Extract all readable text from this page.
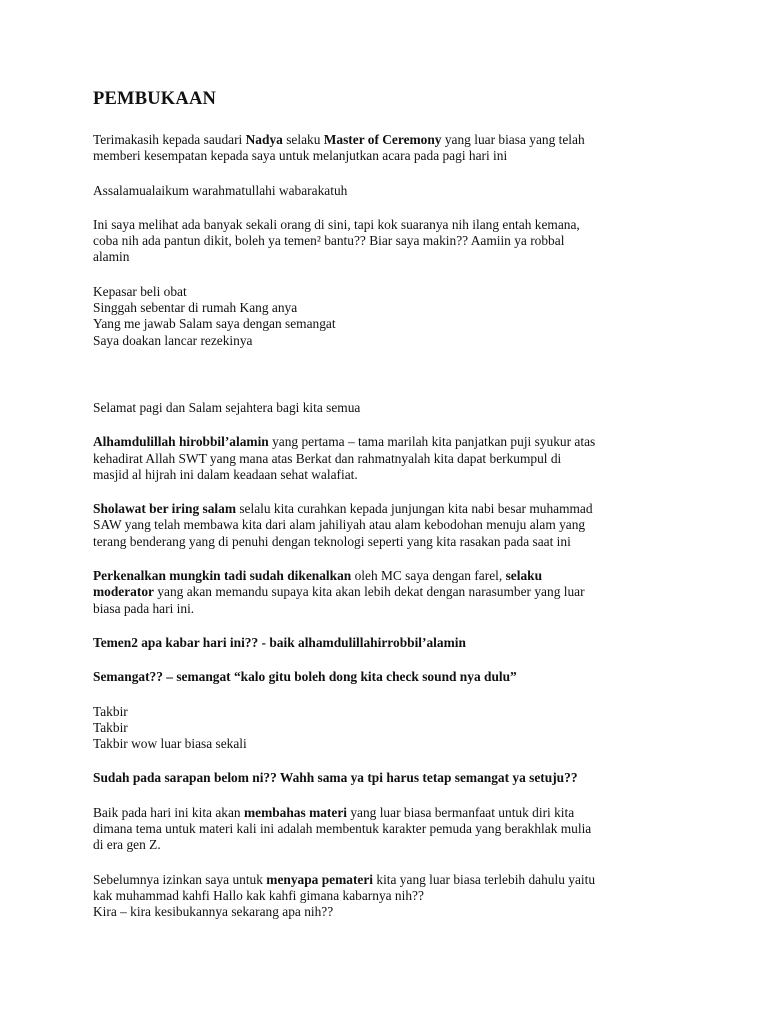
PEMBUKAAN

Terimakasih kepada saudari Nadya selaku Master of Ceremony yang luar biasa yang telah
memberi kesempatan kepada saya untuk melanjutkan acara pada pagi hari ini

Assalamualaikum warahmatullahi wabarakatuh

Ini saya melihat ada banyak sekali orang di sini, tapi kok suaranya nih ilang entah kemana,
coba nih ada pantun dikit, boleh ya temen² bantu?? Biar saya makin?? Aamiin ya robbal
alamin

Kepasar beli obat
Singgah sebentar di rumah Kang anya
Yang me jawab Salam saya dengan semangat
Saya doakan lancar rezekinya

Selamat pagi dan Salam sejahtera bagi kita semua

Alhamdulillah hirobbil’alamin yang pertama – tama marilah kita panjatkan puji syukur atas
kehadirat Allah SWT yang mana atas Berkat dan rahmatnyalah kita dapat berkumpul di
masjid al hijrah ini dalam keadaan sehat walafiat.

Sholawat ber iring salam selalu kita curahkan kepada junjungan kita nabi besar muhammad
SAW yang telah membawa kita dari alam jahiliyah atau alam kebodohan menuju alam yang
terang benderang yang di penuhi dengan teknologi seperti yang kita rasakan pada saat ini

Perkenalkan mungkin tadi sudah dikenalkan oleh MC saya dengan farel, selaku
moderator yang akan memandu supaya kita akan lebih dekat dengan narasumber yang luar
biasa pada hari ini.

Temen2 apa kabar hari ini?? - baik alhamdulillahirrobbil’alamin

Semangat?? – semangat “kalo gitu boleh dong kita check sound nya dulu”

Takbir
Takbir
Takbir wow luar biasa sekali

Sudah pada sarapan belom ni?? Wahh sama ya tpi harus tetap semangat ya setuju??

Baik pada hari ini kita akan membahas materi yang luar biasa bermanfaat untuk diri kita
dimana tema untuk materi kali ini adalah membentuk karakter pemuda yang berakhlak mulia
di era gen Z.

Sebelumnya izinkan saya untuk menyapa pemateri kita yang luar biasa terlebih dahulu yaitu
kak muhammad kahfi Hallo kak kahfi gimana kabarnya nih??
Kira – kira kesibukannya sekarang apa nih??
